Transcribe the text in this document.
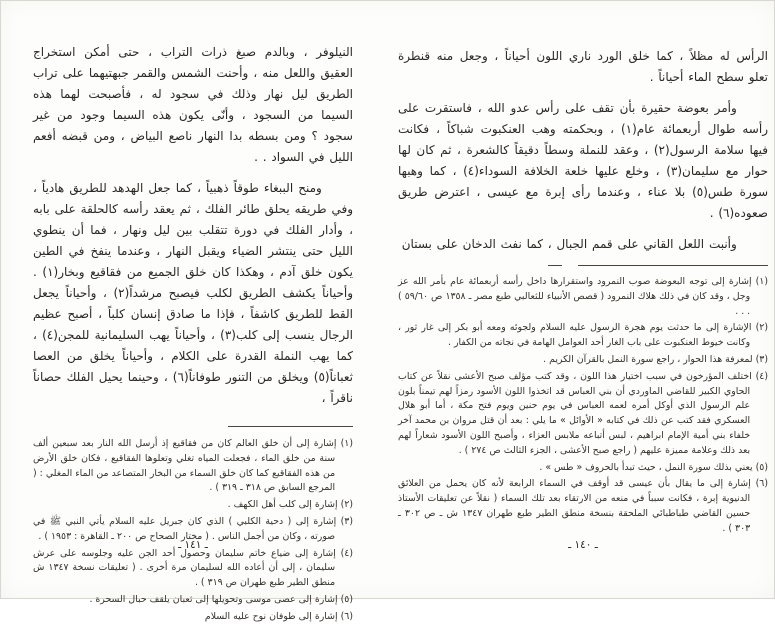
النيلوفر ، وبالدم صبغ ذرات التراب ، حتى أمكن استخراج العقيق واللعل منه ، وأحنت الشمس والقمر جبهتيهما على تراب الطريق ليل نهار وذلك في سجود له ، فأصبحت لهما هذه السيما من السجود ، وأنّى يكون هذه السيما وجود من غير سجود ؟ ومن بسطه بدا النهار ناصع البياض ، ومن قبضه أفعم الليل في السواد . .

ومنح الببغاء طوقاً ذهبياً ، كما جعل الهدهد للطريق هادياً ، وفي طريقه يحلق طائر الفلك ، ثم يعقد رأسه كالحلقة على بابه ، وأدار الفلك في دورة تتقلب بين ليل ونهار ، فما أن ينطوي الليل حتى ينتشر الضياء ويقبل النهار ، وعندما ينفخ في الطين يكون خلق آدم ، وهكذا كان خلق الجميع من فقاقيع وبخار(١) . وأحياناً يكشف الطريق لكلب فيصبح مرشداً(٢) ، وأحياناً يجعل القط للطريق كاشفاً ، فإذا ما صادق إنسان كلباً ، أصبح عظيم الرجال ينسب إلى كلب(٣) ، وأحياناً يهب السليمانية للمجن(٤) ، كما يهب النملة القدرة على الكلام ، وأحياناً يخلق من العصا ثعباناً(٥) ويخلق من التنور طوفاناً(٦) ، وحينما يحيل الفلك حصاناً ناقراً ،

(١) إشارة إلى أن خلق العالم كان من فقاقيع إذ أرسل الله النار بعد سبعين ألف سنة من خلق الماء ، فجعلت المياه تغلي وتعلوها الفقاقيع ، فكان خلق الأرض من هذه الفقاقيع كما كان خلق السماء من البخار المتصاعد من الماء المغلي : ( المرجع السابق ص ٣١٨ ـ ٣١٩ ) .

(٢) إشارة إلى كلب أهل الكهف .

(٣) إشارة إلى ( دحية الكلبي ) الذي كان جبريل عليه السلام يأتي النبي ﷺ في صورته ، وكان من أجمل الناس . ( مختار الصحاح ص ٢٠٠ ـ القاهرة : ١٩٥٣ ) .

(٤) إشارة إلى ضياع خاتم سليمان وحصول أحد الجن عليه وجلوسه على عرش سليمان ، إلى أن أعاده الله لسليمان مرة أخرى . ( تعليقات نسخة ١٣٤٧ ش منطق الطير طبع طهران ص ٣١٩ ) .

(٥) إشارة إلى عصى موسى وتحويلها إلى ثعبان يلقف حبال السحرة .

(٦) إشارة إلى طوفان نوح عليه السلام

ـ ١٤١ ـ

الرأس له مظلاً ، كما خلق الورد ناري اللون أحياناً ، وجعل منه قنطرة تعلو سطح الماء أحياناً .

وأمر بعوضة حقيرة بأن تقف على رأس عدو الله ، فاستقرت على رأسه طوال أربعمائة عام(١) ، وبحكمته وهب العنكبوت شباكاً ، فكانت فيها سلامة الرسول(٢) ، وعقد للنملة وسطاً دقيقاً كالشعرة ، ثم كان لها حوار مع سليمان(٣) ، وخلع عليها خلعة الخلافة السوداء(٤) ، كما وهبها سورة طس(٥) بلا عناء ، وعندما رأى إبرة مع عيسى ، اعترض طريق صعوده(٦) .

وأنبت اللعل القاني على قمم الجبال ، كما نفث الدخان على بستان

(١) إشارة إلى توجه البعوضة صوب النمرود واستقرارها داخل رأسه أربعمائة عام بأمر الله عز وجل ، وقد كان في ذلك هلاك النمرود ( قصص الأنبياء للثعالبي طبع مصر ـ ١٣٥٨ ص ٥٩/٦٠ ) . . .

(٢) الإشارة إلى ما حدثت يوم هجرة الرسول عليه السلام ولجوئه ومعه أبو بكر إلى غار ثور ، وكانت خيوط العنكبوت على باب الغار أحد العوامل الهامة في نجاته من الكفار .

(٣) لمعرفة هذا الحوار ، راجع سورة النمل بالقرآن الكريم .

(٤) اختلف المؤرخون في سبب اختيار هذا اللون ، وقد كتب مؤلف صبح الأعشى نقلاً عن كتاب الحاوي الكبير للقاضي الماوردي أن بني العباس قد اتخذوا اللون الأسود رمزاً لهم تيمناً بلون علم الرسول الذي أوكل أمره لعمه العباس في يوم حنين ويوم فتح مكة ، أما أبو هلال العسكري فقد كتب عن ذلك في كتابه « الأوائل » ما يلي : بعد أن قتل مروان بن محمد آخر خلفاء بني أمية الإمام ابراهيم ، لبس أتباعه ملابس العزاء ، وأصبح اللون الأسود شعاراً لهم بعد ذلك وعلامة مميزة عليهم ( راجع صبح الأعشى ، الجزء الثالث ص ٢٧٤ ) .

(٥) يعني بذلك سورة النمل ، حيث تبدأ بالحروف « طس » .

(٦) إشارة إلى ما يقال بأن عيسى قد أوقف في السماء الرابعة لأنه كان يحمل من العلائق الدنيوية إبرة ، فكانت سبباً في منعه من الارتقاء بعد تلك السماء ( نقلاً عن تعليقات الأستاذ حسين القاضي طباطبائي الملحقة بنسخة منطق الطير طبع طهران ١٣٤٧ ش ـ ص ٣٠٢ ـ ٣٠٣ ) .

ـ ١٤٠ ـ
